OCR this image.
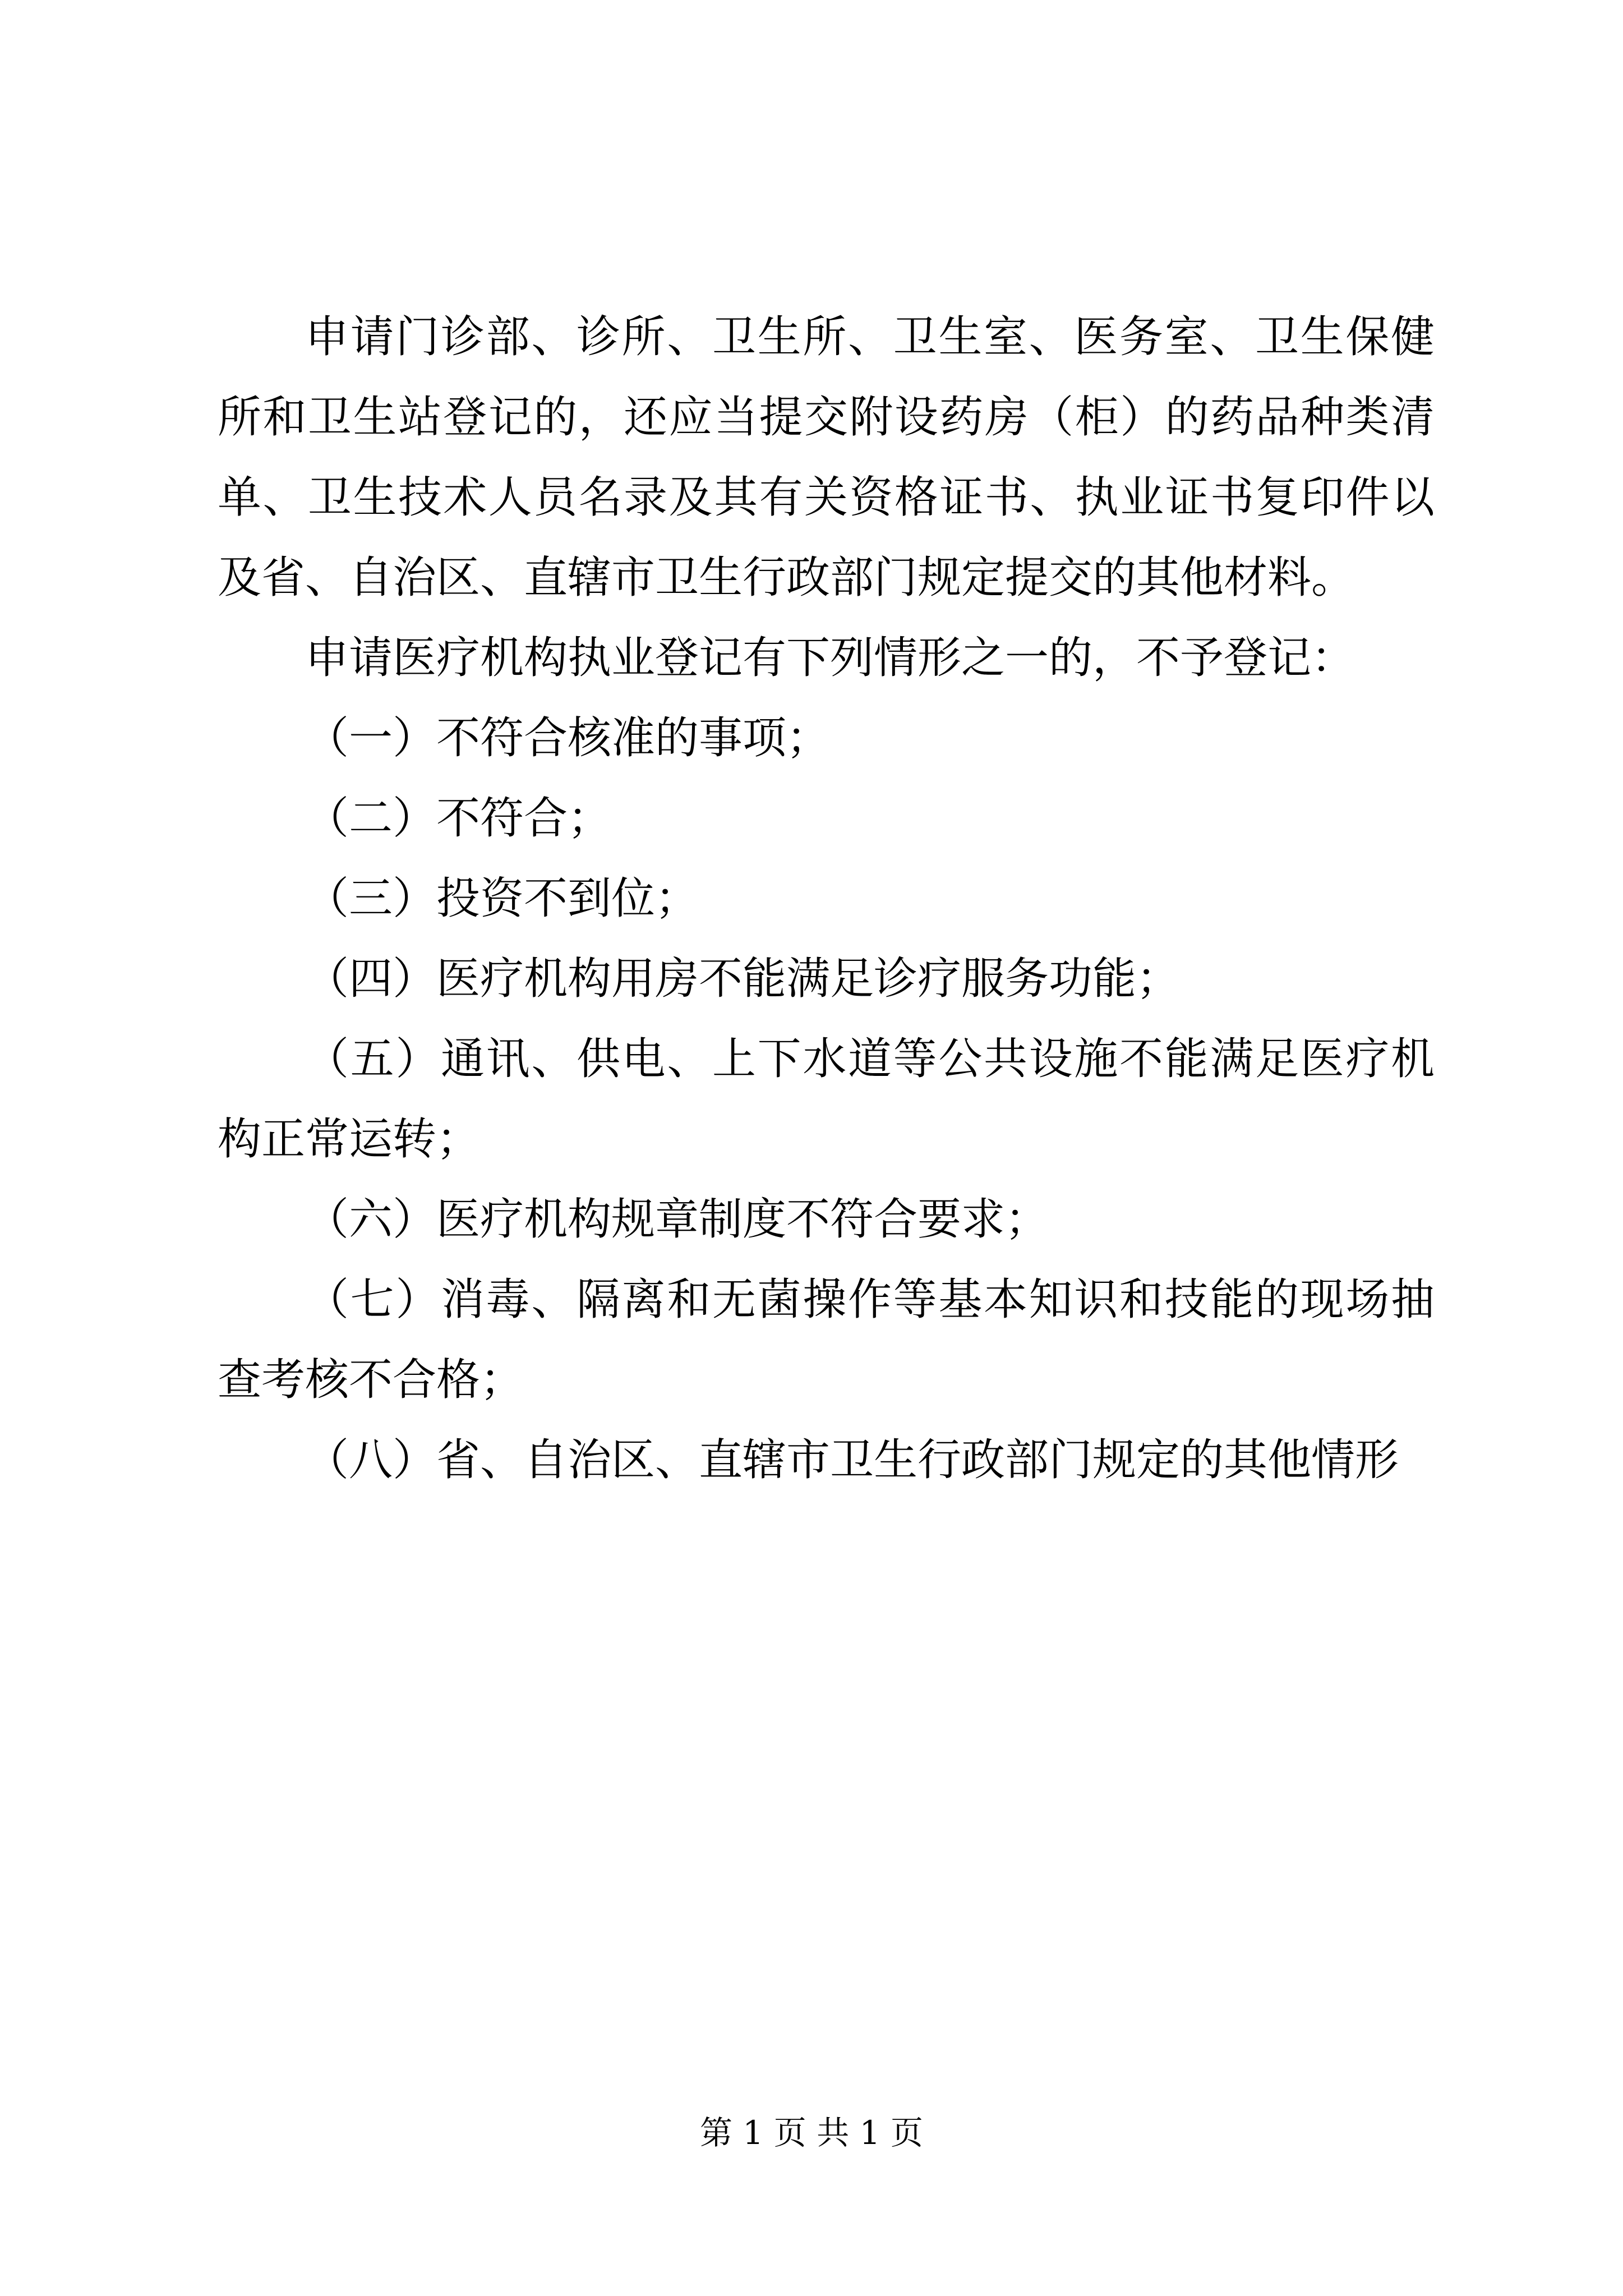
申请门诊部、诊所、卫生所、卫生室、医务室、卫生保健所和卫生站登记的，还应当提交附设药房（柜）的药品种类清单、卫生技术人员名录及其有关资格证书、执业证书复印件以及省、自治区、直辖市卫生行政部门规定提交的其他材料。

申请医疗机构执业登记有下列情形之一的，不予登记：

（一）不符合核准的事项；

（二）不符合；

（三）投资不到位；

（四）医疗机构用房不能满足诊疗服务功能；

（五）通讯、供电、上下水道等公共设施不能满足医疗机构正常运转；

（六）医疗机构规章制度不符合要求；

（七）消毒、隔离和无菌操作等基本知识和技能的现场抽查考核不合格；

（八）省、自治区、直辖市卫生行政部门规定的其他情形

第 1 页 共 1 页
